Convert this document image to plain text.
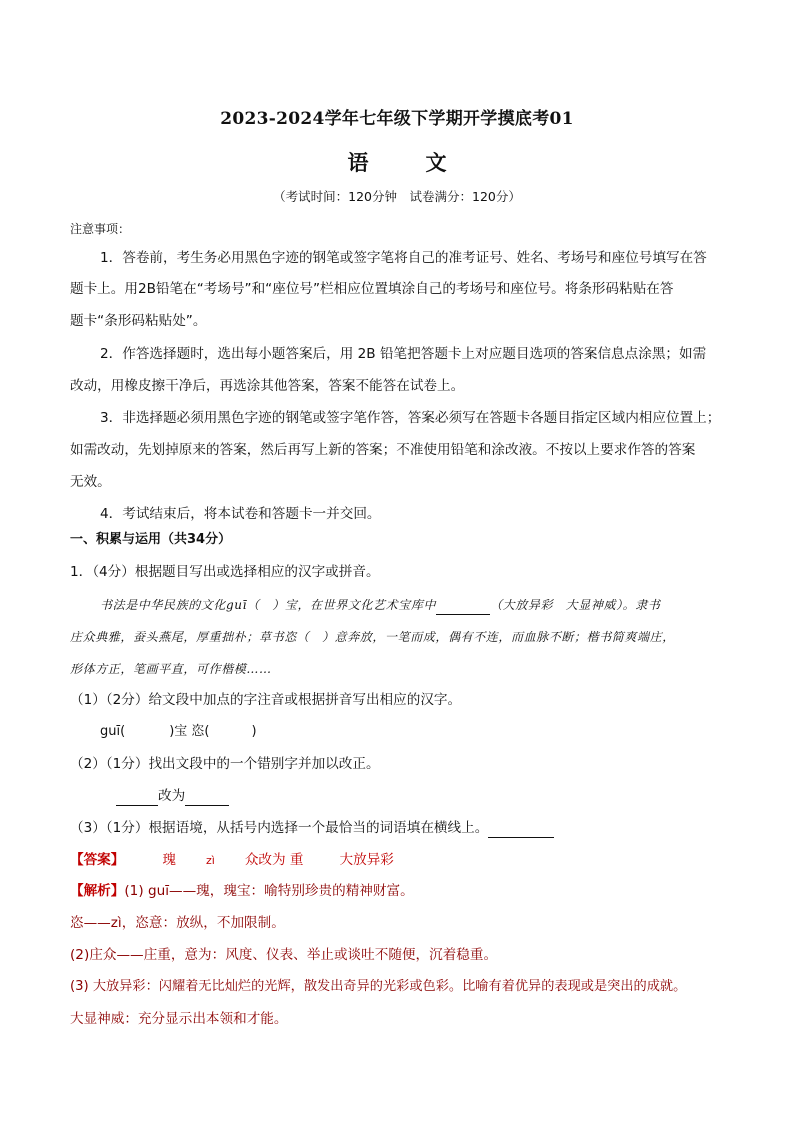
2023-2024学年七年级下学期开学摸底考01
语　文
（考试时间：120分钟　试卷满分：120分）
注意事项：
1．答卷前，考生务必用黑色字迹的钢笔或签字笔将自己的准考证号、姓名、考场号和座位号填写在答
题卡上。用2B铅笔在“考场号”和“座位号”栏相应位置填涂自己的考场号和座位号。将条形码粘贴在答
题卡“条形码粘贴处”。
2．作答选择题时，选出每小题答案后，用 2B 铅笔把答题卡上对应题目选项的答案信息点涂黑；如需
改动，用橡皮擦干净后，再选涂其他答案，答案不能答在试卷上。
3．非选择题必须用黑色字迹的钢笔或签字笔作答，答案必须写在答题卡各题目指定区域内相应位置上；
如需改动，先划掉原来的答案，然后再写上新的答案；不准使用铅笔和涂改液。不按以上要求作答的答案
无效。
4．考试结束后，将本试卷和答题卡一并交回。
一、积累与运用（共34分）
1．（4分）根据题目写出或选择相应的汉字或拼音。
书法是中华民族的文化guī（　）宝，在世界文化艺术宝库中	（大放异彩　大显神威）。隶书
庄众典雅，蚕头燕尾，厚重拙朴；草书恣（　）意奔放，一笔而成，偶有不连，而血脉不断；楷书简爽端庄，
形体方正，笔画平直，可作楷模……
（1）（2分）给文段中加点的字注音或根据拼音写出相应的汉字。
guī(	)宝 恣(	)
（2）（1分）找出文段中的一个错别字并加以改正。
改为
（3）（1分）根据语境，从括号内选择一个最恰当的词语填在横线上。
【答案】	瑰	zì 众改为 重	大放异彩
【解析】(1) guī——瑰，瑰宝：喻特别珍贵的精神财富。
恣——zì，恣意：放纵，不加限制。
(2)庄众——庄重，意为：风度、仪表、举止或谈吐不随便，沉着稳重。
(3) 大放异彩：闪耀着无比灿烂的光辉，散发出奇异的光彩或色彩。比喻有着优异的表现或是突出的成就。
大显神威：充分显示出本领和才能。
